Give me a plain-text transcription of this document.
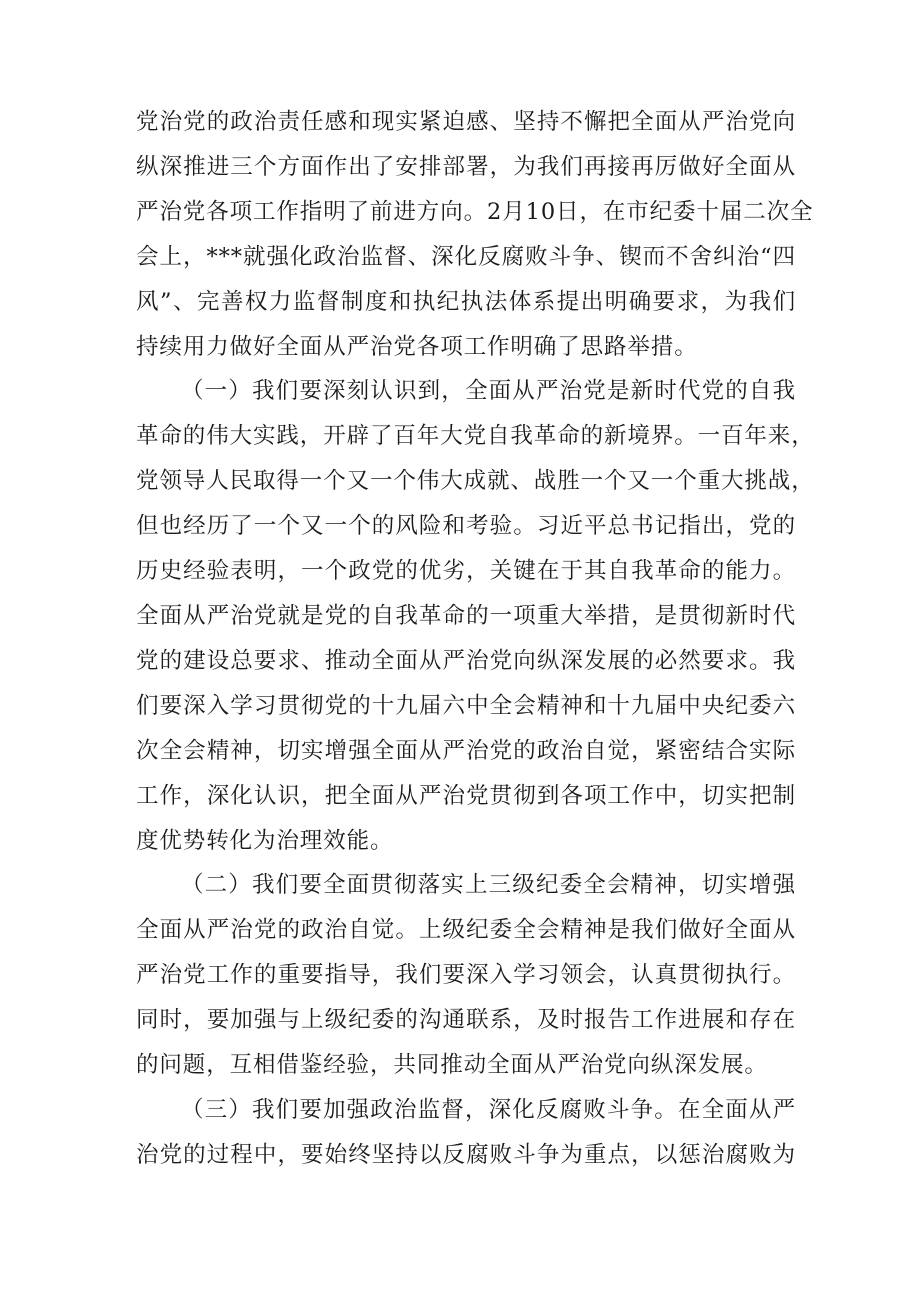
党治党的政治责任感和现实紧迫感、坚持不懈把全面从严治党向
纵深推进三个方面作出了安排部署，为我们再接再厉做好全面从
严治党各项工作指明了前进方向。2月10日，在市纪委十届二次全
会上，***就强化政治监督、深化反腐败斗争、锲而不舍纠治“四
风”、完善权力监督制度和执纪执法体系提出明确要求，为我们
持续用力做好全面从严治党各项工作明确了思路举措。
（一）我们要深刻认识到，全面从严治党是新时代党的自我
革命的伟大实践，开辟了百年大党自我革命的新境界。一百年来，
党领导人民取得一个又一个伟大成就、战胜一个又一个重大挑战，
但也经历了一个又一个的风险和考验。习近平总书记指出，党的
历史经验表明，一个政党的优劣，关键在于其自我革命的能力。
全面从严治党就是党的自我革命的一项重大举措，是贯彻新时代
党的建设总要求、推动全面从严治党向纵深发展的必然要求。我
们要深入学习贯彻党的十九届六中全会精神和十九届中央纪委六
次全会精神，切实增强全面从严治党的政治自觉，紧密结合实际
工作，深化认识，把全面从严治党贯彻到各项工作中，切实把制
度优势转化为治理效能。
（二）我们要全面贯彻落实上三级纪委全会精神，切实增强
全面从严治党的政治自觉。上级纪委全会精神是我们做好全面从
严治党工作的重要指导，我们要深入学习领会，认真贯彻执行。
同时，要加强与上级纪委的沟通联系，及时报告工作进展和存在
的问题，互相借鉴经验，共同推动全面从严治党向纵深发展。
（三）我们要加强政治监督，深化反腐败斗争。在全面从严
治党的过程中，要始终坚持以反腐败斗争为重点，以惩治腐败为
